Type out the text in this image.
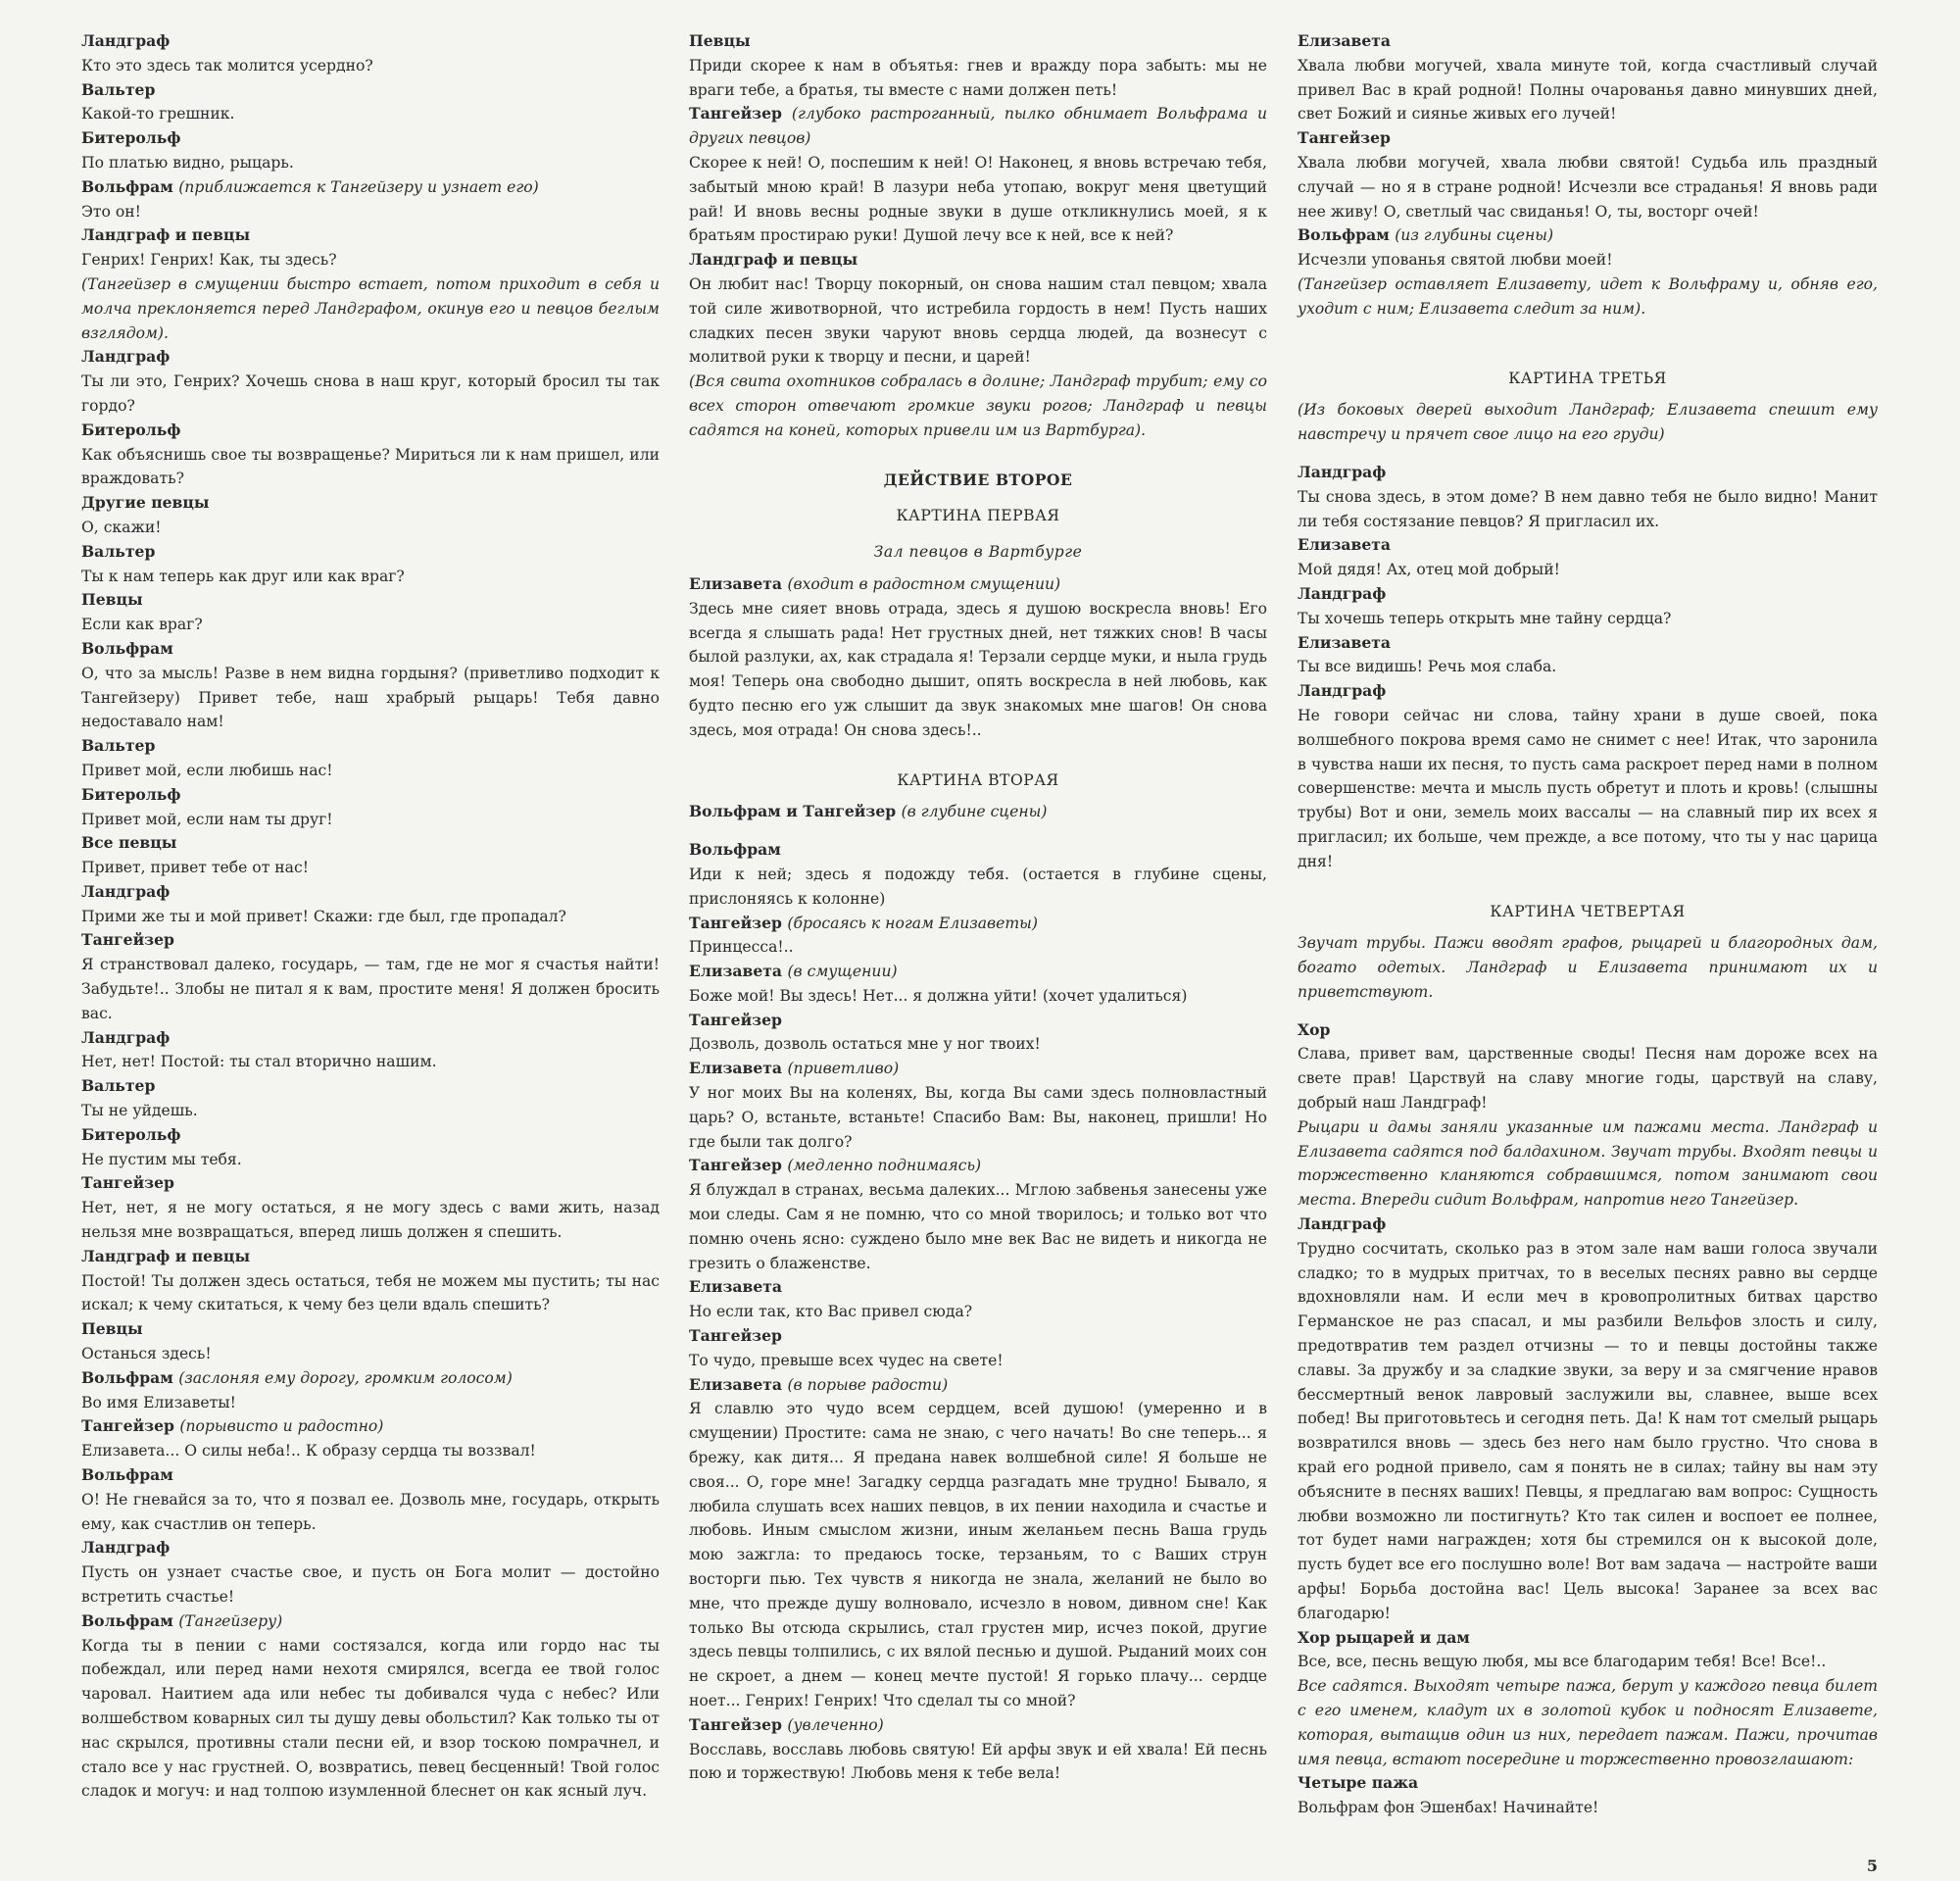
Ландграф
Кто это здесь так молится усердно?
Вальтер
Какой-то грешник.
Битерольф
По платью видно, рыцарь.
Вольфрам (приближается к Тангейзеру и узнает его)
Это он!
Ландграф и певцы
Генрих! Генрих! Как, ты здесь?
(Тангейзер в смущении быстро встает, потом приходит в себя и молча преклоняется перед Ландграфом, окинув его и певцов беглым взглядом).
Ландграф
Ты ли это, Генрих? Хочешь снова в наш круг, который бросил ты так гордо?
Битерольф
Как объяснишь свое ты возвращенье? Мириться ли к нам пришел, или враждовать?
Другие певцы
О, скажи!
Вальтер
Ты к нам теперь как друг или как враг?
Певцы
Если как враг?
Вольфрам
О, что за мысль! Разве в нем видна гордыня? (приветливо подходит к Тангейзеру) Привет тебе, наш храбрый рыцарь! Тебя давно недоставало нам!
Вальтер
Привет мой, если любишь нас!
Битерольф
Привет мой, если нам ты друг!
Все певцы
Привет, привет тебе от нас!
Ландграф
Прими же ты и мой привет! Скажи: где был, где пропадал?
Тангейзер
Я странствовал далеко, государь, — там, где не мог я счастья найти! Забудьте!.. Злобы не питал я к вам, простите меня! Я должен бросить вас.
Ландграф
Нет, нет! Постой: ты стал вторично нашим.
Вальтер
Ты не уйдешь.
Битерольф
Не пустим мы тебя.
Тангейзер
Нет, нет, я не могу остаться, я не могу здесь с вами жить, назад нельзя мне возвращаться, вперед лишь должен я спешить.
Ландграф и певцы
Постой! Ты должен здесь остаться, тебя не можем мы пустить; ты нас искал; к чему скитаться, к чему без цели вдаль спешить?
Певцы
Останься здесь!
Вольфрам (заслоняя ему дорогу, громким голосом)
Во имя Елизаветы!
Тангейзер (порывисто и радостно)
Елизавета... О силы неба!.. К образу сердца ты воззвал!
Вольфрам
О! Не гневайся за то, что я позвал ее. Дозволь мне, государь, открыть ему, как счастлив он теперь.
Ландграф
Пусть он узнает счастье свое, и пусть он Бога молит — достойно встретить счастье!
Вольфрам (Тангейзеру)
Когда ты в пении с нами состязался, когда или гордо нас ты побеждал, или перед нами нехотя смирялся, всегда ее твой голос чаровал. Наитием ада или небес ты добивался чуда с небес? Или волшебством коварных сил ты душу девы обольстил? Как только ты от нас скрылся, противны стали песни ей, и взор тоскою помрачнел, и стало все у нас грустней. О, возвратись, певец бесценный! Твой голос сладок и могуч: и над толпою изумленной блеснет он как ясный луч.
Певцы
Приди скорее к нам в объятья: гнев и вражду пора забыть: мы не враги тебе, а братья, ты вместе с нами должен петь!
Тангейзер (глубоко растроганный, пылко обнимает Вольфрама и других певцов)
Скорее к ней! О, поспешим к ней! О! Наконец, я вновь встречаю тебя, забытый мною край! В лазури неба утопаю, вокруг меня цветущий рай! И вновь весны родные звуки в душе откликнулись моей, я к братьям простираю руки! Душой лечу все к ней, все к ней?
Ландграф и певцы
Он любит нас! Творцу покорный, он снова нашим стал певцом; хвала той силе животворной, что истребила гордость в нем! Пусть наших сладких песен звуки чаруют вновь сердца людей, да вознесут с молитвой руки к творцу и песни, и царей!
(Вся свита охотников собралась в долине; Ландграф трубит; ему со всех сторон отвечают громкие звуки рогов; Ландграф и певцы садятся на коней, которых привели им из Вартбурга).
ДЕЙСТВИЕ ВТОРОЕ
КАРТИНА ПЕРВАЯ
Зал певцов в Вартбурге
Елизавета (входит в радостном смущении)
Здесь мне сияет вновь отрада, здесь я душою воскресла вновь! Его всегда я слышать рада! Нет грустных дней, нет тяжких снов! В часы былой разлуки, ах, как страдала я! Терзали сердце муки, и ныла грудь моя! Теперь она свободно дышит, опять воскресла в ней любовь, как будто песню его уж слышит да звук знакомых мне шагов! Он снова здесь, моя отрада! Он снова здесь!..
КАРТИНА ВТОРАЯ
Вольфрам и Тангейзер (в глубине сцены)
Вольфрам
Иди к ней; здесь я подожду тебя. (остается в глубине сцены, прислоняясь к колонне)
Тангейзер (бросаясь к ногам Елизаветы)
Принцесса!..
Елизавета (в смущении)
Боже мой! Вы здесь! Нет... я должна уйти! (хочет удалиться)
Тангейзер
Дозволь, дозволь остаться мне у ног твоих!
Елизавета (приветливо)
У ног моих Вы на коленях, Вы, когда Вы сами здесь полновластный царь? О, встаньте, встаньте! Спасибо Вам: Вы, наконец, пришли! Но где были так долго?
Тангейзер (медленно поднимаясь)
Я блуждал в странах, весьма далеких... Мглою забвенья занесены уже мои следы. Сам я не помню, что со мной творилось; и только вот что помню очень ясно: суждено было мне век Вас не видеть и никогда не грезить о блаженстве.
Елизавета
Но если так, кто Вас привел сюда?
Тангейзер
То чудо, превыше всех чудес на свете!
Елизавета (в порыве радости)
Я славлю это чудо всем сердцем, всей душою! (умеренно и в смущении) Простите: сама не знаю, с чего начать! Во сне теперь... я брежу, как дитя... Я предана навек волшебной силе! Я больше не своя... О, горе мне! Загадку сердца разгадать мне трудно! Бывало, я любила слушать всех наших певцов, в их пении находила и счастье и любовь. Иным смыслом жизни, иным желаньем песнь Ваша грудь мою зажгла: то предаюсь тоске, терзаньям, то с Ваших струн восторги пью. Тех чувств я никогда не знала, желаний не было во мне, что прежде душу волновало, исчезло в новом, дивном сне! Как только Вы отсюда скрылись, стал грустен мир, исчез покой, другие здесь певцы толпились, с их вялой песнью и душой. Рыданий моих сон не скроет, а днем — конец мечте пустой! Я горько плачу... сердце ноет... Генрих! Генрих! Что сделал ты со мной?
Тангейзер (увлеченно)
Восславь, восславь любовь святую! Ей арфы звук и ей хвала! Ей песнь пою и торжествую! Любовь меня к тебе вела!
Елизавета
Хвала любви могучей, хвала минуте той, когда счастливый случай привел Вас в край родной! Полны очарованья давно минувших дней, свет Божий и сиянье живых его лучей!
Тангейзер
Хвала любви могучей, хвала любви святой! Судьба иль праздный случай — но я в стране родной! Исчезли все страданья! Я вновь ради нее живу! О, светлый час свиданья! О, ты, восторг очей!
Вольфрам (из глубины сцены)
Исчезли упованья святой любви моей!
(Тангейзер оставляет Елизавету, идет к Вольфраму и, обняв его, уходит с ним; Елизавета следит за ним).
КАРТИНА ТРЕТЬЯ
(Из боковых дверей выходит Ландграф; Елизавета спешит ему навстречу и прячет свое лицо на его груди)
Ландграф
Ты снова здесь, в этом доме? В нем давно тебя не было видно! Манит ли тебя состязание певцов? Я пригласил их.
Елизавета
Мой дядя! Ах, отец мой добрый!
Ландграф
Ты хочешь теперь открыть мне тайну сердца?
Елизавета
Ты все видишь! Речь моя слаба.
Ландграф
Не говори сейчас ни слова, тайну храни в душе своей, пока волшебного покрова время само не снимет с нее! Итак, что заронила в чувства наши их песня, то пусть сама раскроет перед нами в полном совершенстве: мечта и мысль пусть обретут и плоть и кровь! (слышны трубы) Вот и они, земель моих вассалы — на славный пир их всех я пригласил; их больше, чем прежде, а все потому, что ты у нас царица дня!
КАРТИНА ЧЕТВЕРТАЯ
Звучат трубы. Пажи вводят графов, рыцарей и благородных дам, богато одетых. Ландграф и Елизавета принимают их и приветствуют.
Хор
Слава, привет вам, царственные своды! Песня нам дороже всех на свете прав! Царствуй на славу многие годы, царствуй на славу, добрый наш Ландграф!
Рыцари и дамы заняли указанные им пажами места. Ландграф и Елизавета садятся под балдахином. Звучат трубы. Входят певцы и торжественно кланяются собравшимся, потом занимают свои места. Впереди сидит Вольфрам, напротив него Тангейзер.
Ландграф
Трудно сосчитать, сколько раз в этом зале нам ваши голоса звучали сладко; то в мудрых притчах, то в веселых песнях равно вы сердце вдохновляли нам. И если меч в кровопролитных битвах царство Германское не раз спасал, и мы разбили Вельфов злость и силу, предотвратив тем раздел отчизны — то и певцы достойны также славы. За дружбу и за сладкие звуки, за веру и за смягчение нравов бессмертный венок лавровый заслужили вы, славнее, выше всех побед! Вы приготовьтесь и сегодня петь. Да! К нам тот смелый рыцарь возвратился вновь — здесь без него нам было грустно. Что снова в край его родной привело, сам я понять не в силах; тайну вы нам эту объясните в песнях ваших! Певцы, я предлагаю вам вопрос: Сущность любви возможно ли постигнуть? Кто так силен и воспоет ее полнее, тот будет нами награжден; хотя бы стремился он к высокой доле, пусть будет все его послушно воле! Вот вам задача — настройте ваши арфы! Борьба достойна вас! Цель высока! Заранее за всех вас благодарю!
Хор рыцарей и дам
Все, все, песнь вещую любя, мы все благодарим тебя! Все! Все!..
Все садятся. Выходят четыре пажа, берут у каждого певца билет с его именем, кладут их в золотой кубок и подносят Елизавете, которая, вытащив один из них, передает пажам. Пажи, прочитав имя певца, встают посередине и торжественно провозглашают:
Четыре пажа
Вольфрам фон Эшенбах! Начинайте!
5
